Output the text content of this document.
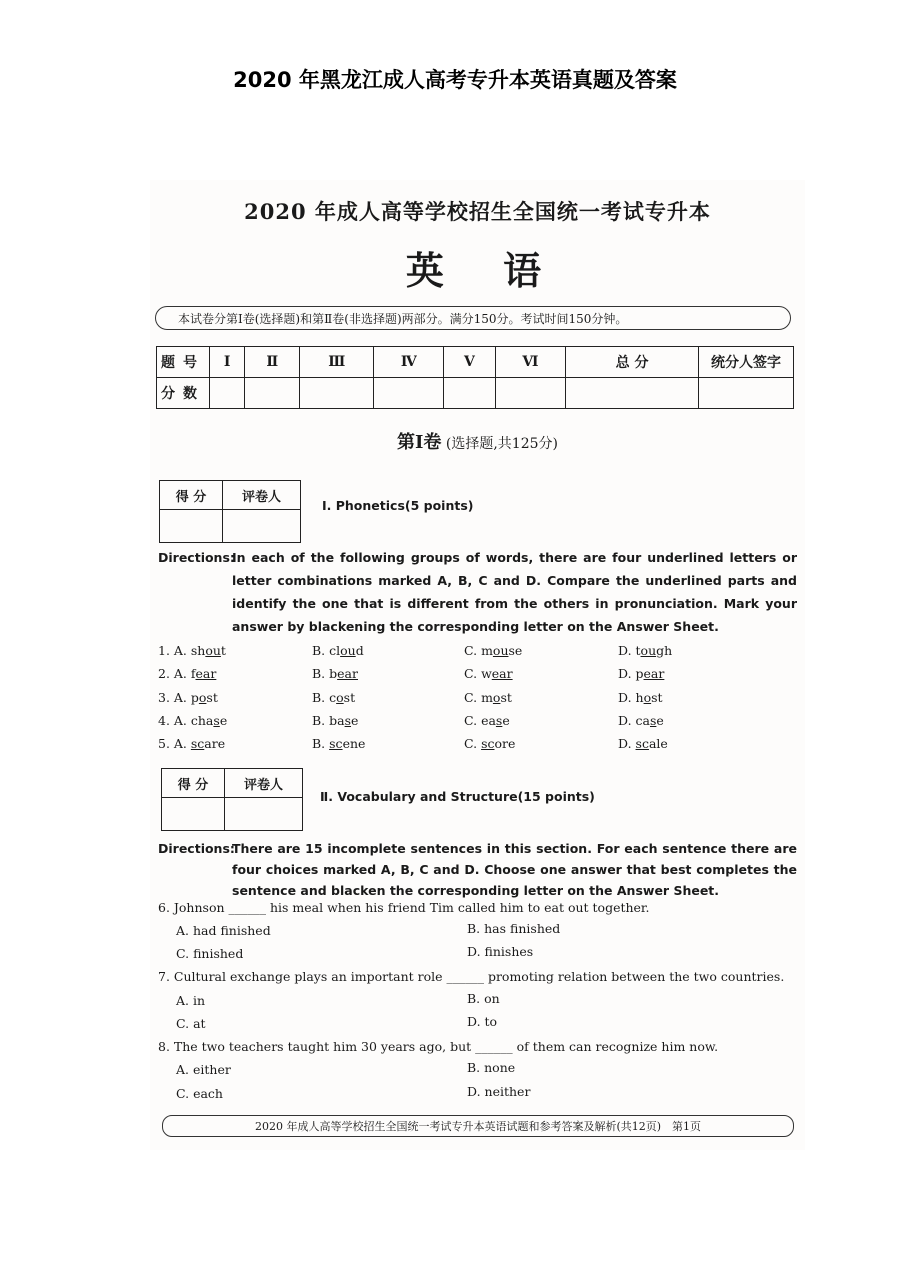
2020 年黑龙江成人高考专升本英语真题及答案
2020 年成人高等学校招生全国统一考试专升本
英 语
本试卷分第Ⅰ卷(选择题)和第Ⅱ卷(非选择题)两部分。满分150分。考试时间150分钟。
题号	Ⅰ	Ⅱ	Ⅲ	Ⅳ	Ⅴ	Ⅵ	总 分	统分人签字
分数								
第Ⅰ卷 (选择题,共125分)
得 分	评卷人

Ⅰ. Phonetics(5 points)
Directions:
In each of the following groups of words, there are four underlined letters or letter combinations marked A, B, C and D. Compare the underlined parts and identify the one that is different from the others in pronunciation. Mark your answer by blackening the corresponding letter on the Answer Sheet.
1. A. shout	B. cloud	C. mouse	D. tough
2. A. fear	B. bear	C. wear	D. pear
3. A. post	B. cost	C. most	D. host
4. A. chase	B. base	C. ease	D. case
5. A. scare	B. scene	C. score	D. scale
得 分	评卷人

Ⅱ. Vocabulary and Structure(15 points)
Directions:
There are 15 incomplete sentences in this section. For each sentence there are four choices marked A, B, C and D. Choose one answer that best completes the sentence and blacken the corresponding letter on the Answer Sheet.
6. Johnson ______ his meal when his friend Tim called him to eat out together.
A. had finished	B. has finished
C. finished	D. finishes
7. Cultural exchange plays an important role ______ promoting relation between the two countries.
A. in	B. on
C. at	D. to
8. The two teachers taught him 30 years ago, but ______ of them can recognize him now.
A. either	B. none
C. each	D. neither
2020 年成人高等学校招生全国统一考试专升本英语试题和参考答案及解析(共12页)　第1页
